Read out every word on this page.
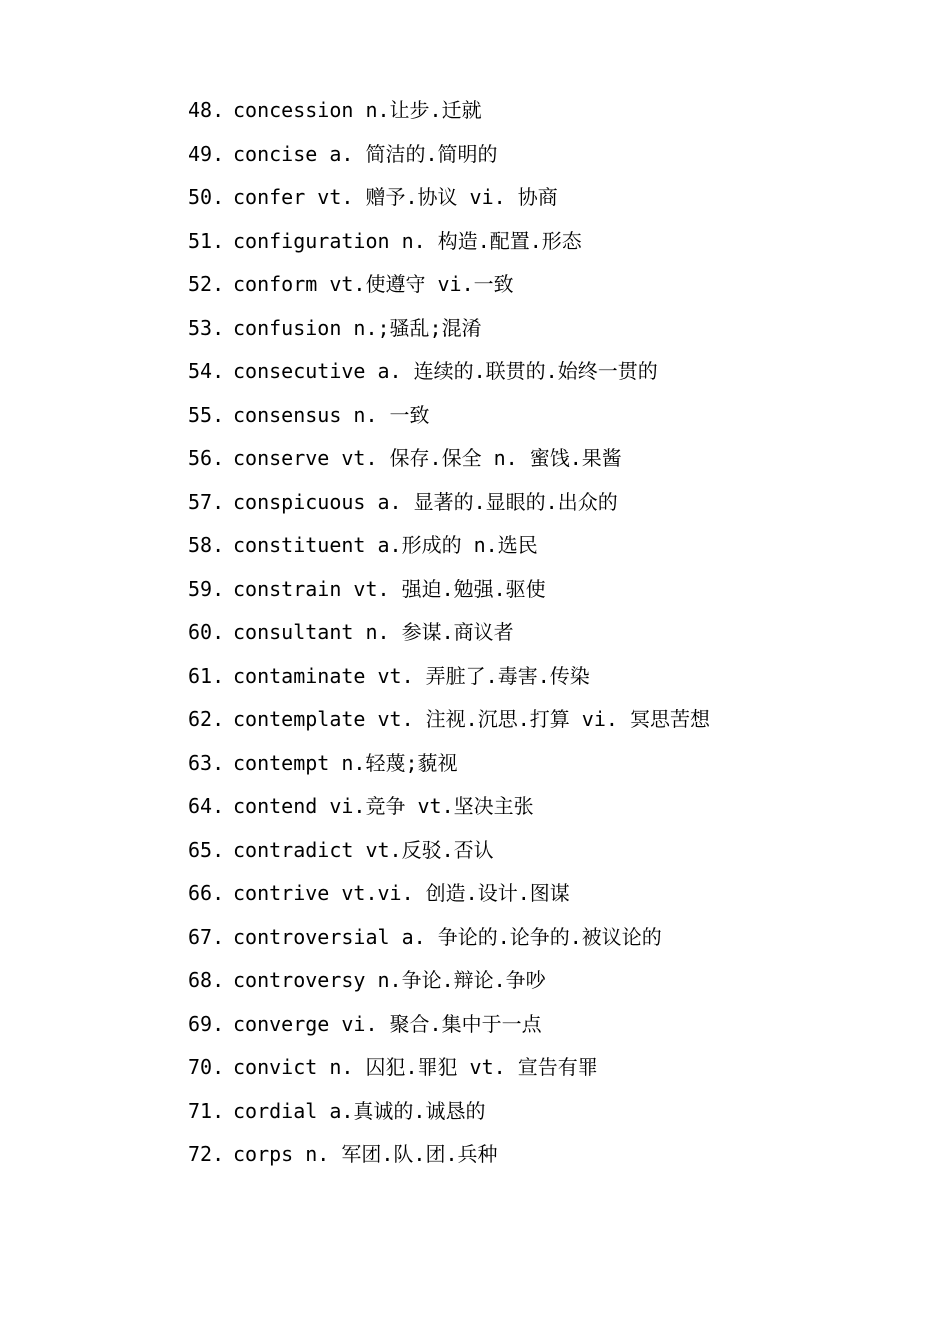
48. concession n.让步.迁就
49. concise a. 简洁的.简明的
50. confer vt. 赠予.协议 vi. 协商
51. configuration n. 构造.配置.形态
52. conform vt.使遵守 vi.一致
53. confusion n.;骚乱;混淆
54. consecutive a. 连续的.联贯的.始终一贯的
55. consensus n. 一致
56. conserve vt. 保存.保全 n. 蜜饯.果酱
57. conspicuous a. 显著的.显眼的.出众的
58. constituent a.形成的 n.选民
59. constrain vt. 强迫.勉强.驱使
60. consultant n. 参谋.商议者
61. contaminate vt. 弄脏了.毒害.传染
62. contemplate vt. 注视.沉思.打算 vi. 冥思苦想
63. contempt n.轻蔑;藐视
64. contend vi.竞争 vt.坚决主张
65. contradict vt.反驳.否认
66. contrive vt.vi. 创造.设计.图谋
67. controversial a. 争论的.论争的.被议论的
68. controversy n.争论.辩论.争吵
69. converge vi. 聚合.集中于一点
70. convict n. 囚犯.罪犯 vt. 宣告有罪
71. cordial a.真诚的.诚恳的
72. corps n. 军团.队.团.兵种
